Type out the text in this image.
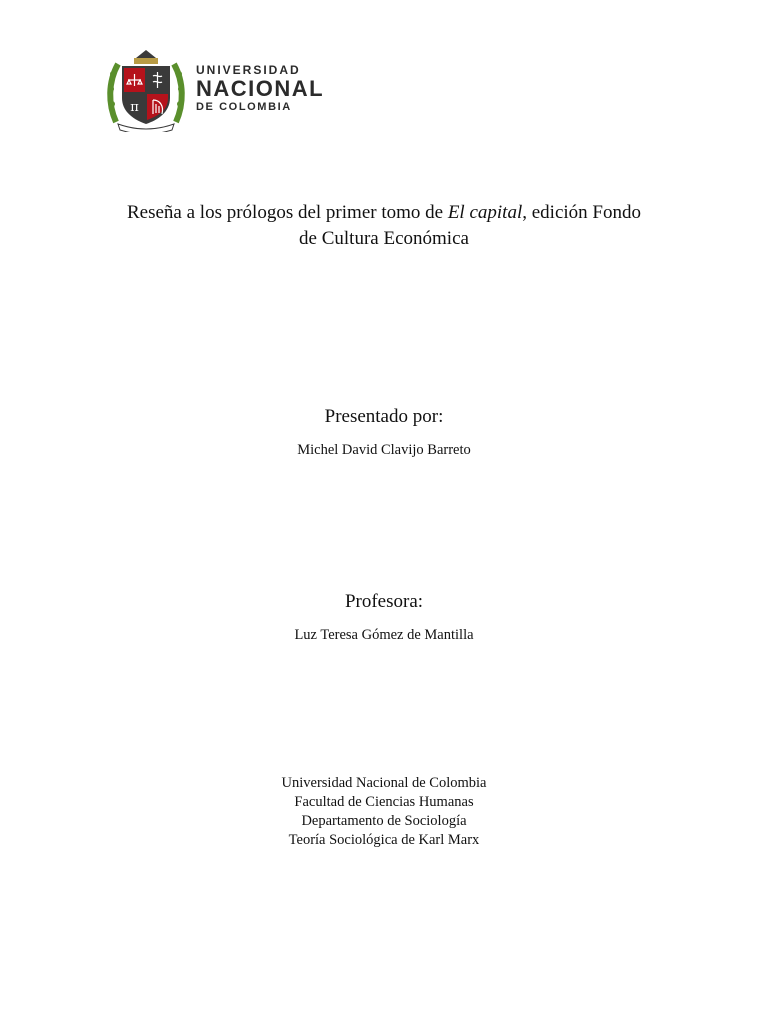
π
UNIVERSIDAD
NACIONAL
DE COLOMBIA
Reseña a los prólogos del primer tomo de El capital, edición Fondo
de Cultura Económica
Presentado por:
Michel David Clavijo Barreto
Profesora:
Luz Teresa Gómez de Mantilla
Universidad Nacional de Colombia
Facultad de Ciencias Humanas
Departamento de Sociología
Teoría Sociológica de Karl Marx
